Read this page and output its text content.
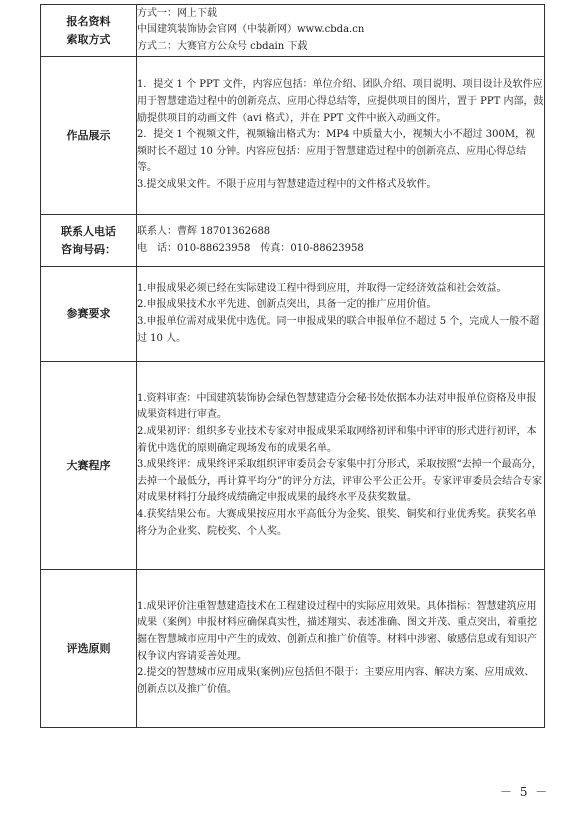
报名资料
索取方式	方式一：网上下载
中国建筑装饰协会官网（中装新网）www.cbda.cn
方式二：大赛官方公众号 cbdain 下载

作品展示	1．提交 1 个 PPT 文件，内容应包括：单位介绍、团队介绍、项目说明、项目设计及软件应用于智慧建造过程中的创新亮点、应用心得总结等，应提供项目的图片，置于 PPT 内部，鼓励提供项目的动画文件（avi 格式），并在 PPT 文件中嵌入动画文件。
2．提交 1 个视频文件，视频输出格式为：MP4 中质量大小，视频大小不超过 300M，视频时长不超过 10 分钟。内容应包括：应用于智慧建造过程中的创新亮点、应用心得总结等。
3.提交成果文件。不限于应用与智慧建造过程中的文件格式及软件。

联系人电话
咨询号码：	联系人：曹辉 18701362688
电　话：010-88623958　传真：010-88623958

参赛要求	1.申报成果必须已经在实际建设工程中得到应用，并取得一定经济效益和社会效益。
2.申报成果技术水平先进、创新点突出，具备一定的推广应用价值。
3.申报单位需对成果优中选优。同一申报成果的联合申报单位不超过 5 个，完成人一般不超过 10 人。

大赛程序	1.资料审查：中国建筑装饰协会绿色智慧建造分会秘书处依据本办法对申报单位资格及申报成果资料进行审查。
2.成果初评：组织多专业技术专家对申报成果采取网络初评和集中评审的形式进行初评，本着优中选优的原则确定现场发布的成果名单。
3.成果终评：成果终评采取组织评审委员会专家集中打分形式，采取按照“去掉一个最高分，去掉一个最低分，再计算平均分”的评分方法，评审公平公正公开。专家评审委员会结合专家对成果材料打分最终成绩确定申报成果的最终水平及获奖数量。
4.获奖结果公布。大赛成果按应用水平高低分为金奖、银奖、铜奖和行业优秀奖。获奖名单将分为企业奖、院校奖、个人奖。

评选原则	1.成果评价注重智慧建造技术在工程建设过程中的实际应用效果。具体指标：智慧建筑应用成果（案例）申报材料应确保真实性，描述翔实、表述准确、图文并茂、重点突出，着重挖掘在智慧城市应用中产生的成效、创新点和推广价值等。材料中涉密、敏感信息或有知识产权争议内容请妥善处理。
2.提交的智慧城市应用成果(案例)应包括但不限于：主要应用内容、解决方案、应用成效、创新点以及推广价值。
－ 5 －
